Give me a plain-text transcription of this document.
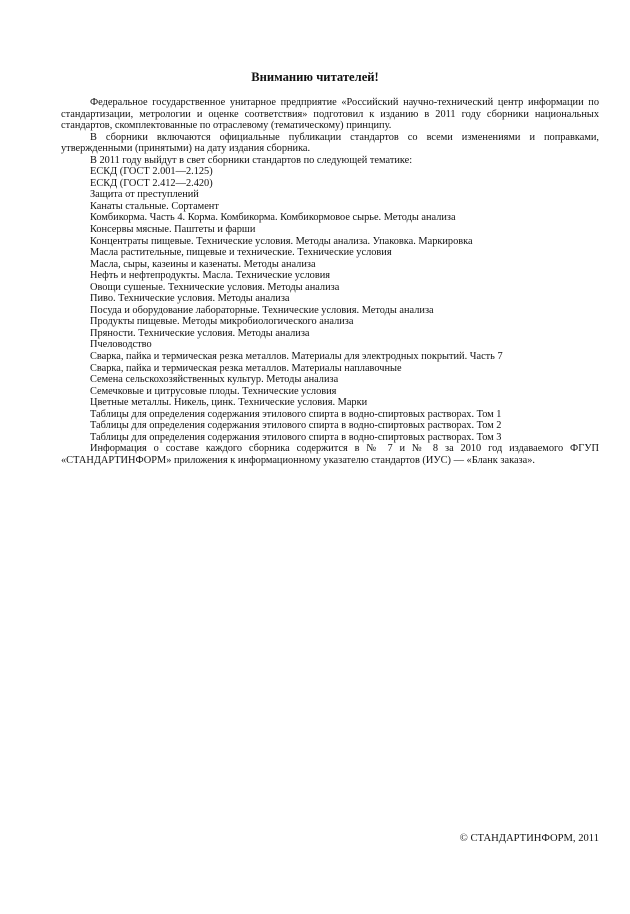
Вниманию читателей!

Федеральное государственное унитарное предприятие «Российский научно-технический центр информации по стандартизации, метрологии и оценке соответствия» подготовил к изданию в 2011 году сборники национальных стандартов, скомплектованные по отраслевому (тематическому) принципу.

В сборники включаются официальные публикации стандартов со всеми изменениями и поправками, утвержденными (принятыми) на дату издания сборника.

В 2011 году выйдут в свет сборники стандартов по следующей тематике:

ЕСКД (ГОСТ 2.001—2.125)
ЕСКД (ГОСТ 2.412—2.420)
Защита от преступлений
Канаты стальные. Сортамент
Комбикорма. Часть 4. Корма. Комбикорма. Комбикормовое сырье. Методы анализа
Консервы мясные. Паштеты и фарши
Концентраты пищевые. Технические условия. Методы анализа. Упаковка. Маркировка
Масла растительные, пищевые и технические. Технические условия
Масла, сыры, казеины и казенаты. Методы анализа
Нефть и нефтепродукты. Масла. Технические условия
Овощи сушеные. Технические условия. Методы анализа
Пиво. Технические условия. Методы анализа
Посуда и оборудование лабораторные. Технические условия. Методы анализа
Продукты пищевые. Методы микробиологического анализа
Пряности. Технические условия. Методы анализа
Пчеловодство
Сварка, пайка и термическая резка металлов. Материалы для электродных покрытий. Часть 7
Сварка, пайка и термическая резка металлов. Материалы наплавочные
Семена сельскохозяйственных культур. Методы анализа
Семечковые и цитрусовые плоды. Технические условия
Цветные металлы. Никель, цинк. Технические условия. Марки
Таблицы для определения содержания этилового спирта в водно-спиртовых растворах. Том 1
Таблицы для определения содержания этилового спирта в водно-спиртовых растворах. Том 2
Таблицы для определения содержания этилового спирта в водно-спиртовых растворах. Том 3

Информация о составе каждого сборника содержится в № 7 и № 8 за 2010 год издаваемого ФГУП «СТАНДАРТИНФОРМ» приложения к информационному указателю стандартов (ИУС) — «Бланк заказа».

© СТАНДАРТИНФОРМ, 2011
